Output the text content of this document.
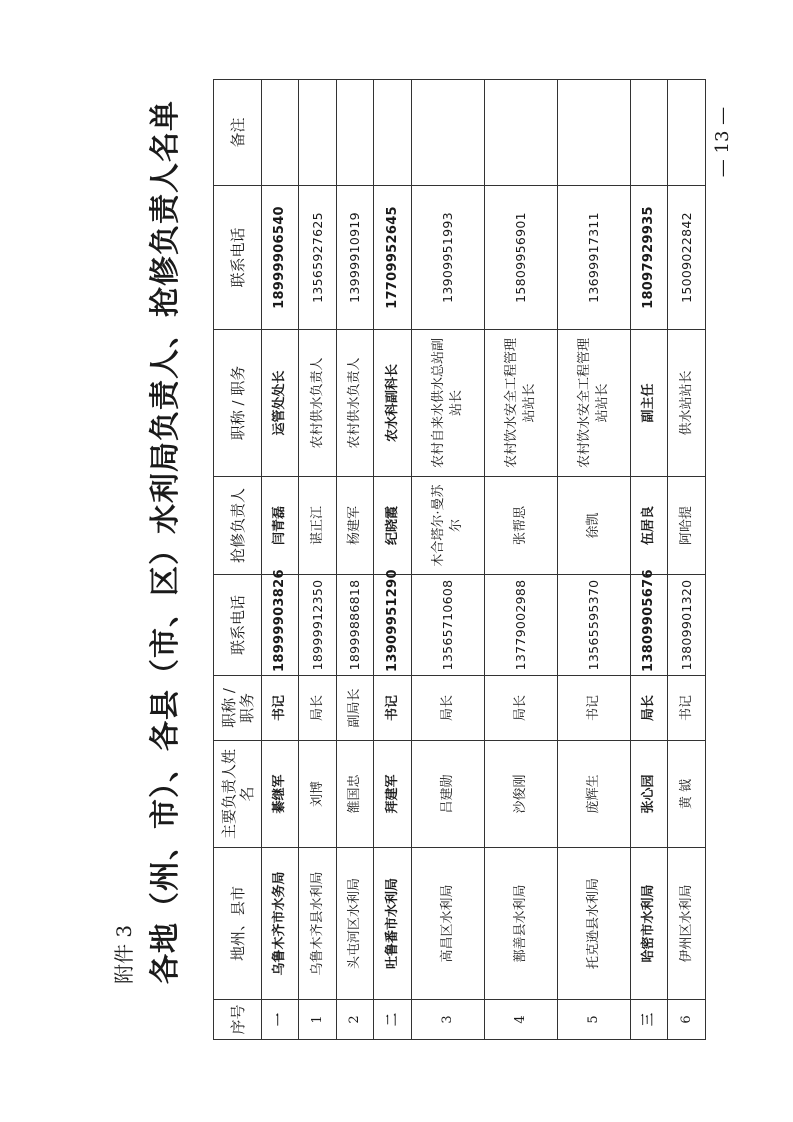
附件 3 各地（州、市）、各县（市、区）水利局负责人、抢修负责人名单
序号	地州、县市	主要负责人姓名	职称 / 职务	联系电话	抢修负责人	职称 / 职务	联系电话	备注
一	乌鲁木齐市水务局	綦继军	书记	18999903826	闫青磊	运管处处长	18999906540	
1	乌鲁木齐县水利局	刘博	局长	18999912350	谌正江	农村供水负责人	13565927625	
2	头屯河区水利局	雒国忠	副局长	18999886818	杨建军	农村供水负责人	13999910919	
二	吐鲁番市水利局	拜建军	书记	13909951290	纪晓霞	农水科副科长	17709952645	
3	高昌区水利局	吕建勋	局长	13565710608	木合塔尔·曼苏尔	农村自来水供水总站副站长	13909951993	
4	鄯善县水利局	沙俊刚	局长	13779002988	张帮思	农村饮水安全工程管理站站长	15809956901	
5	托克逊县水利局	庞辉生	书记	13565595370	徐凯	农村饮水安全工程管理站站长	13699917311	
三	哈密市水利局	张心园	局长	13809905676	伍居良	副主任	18097929935	
6	伊州区水利局	黄 钺	书记	13809901320	阿哈提	供水站站长	15009022842	
— 13 —
